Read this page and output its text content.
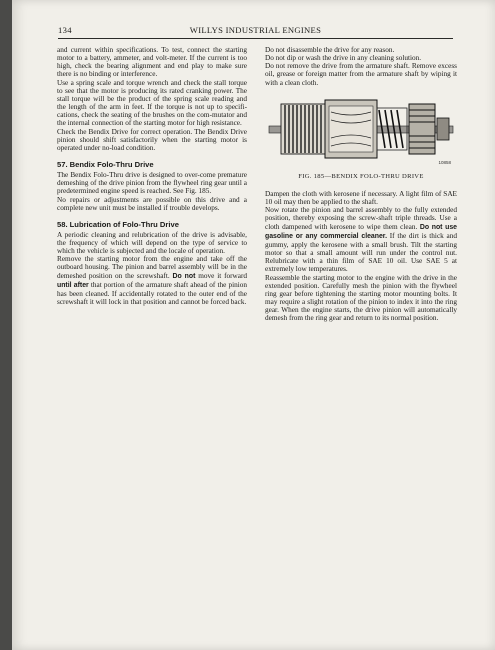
134	WILLYS INDUSTRIAL ENGINES

and current within specifications. To test, connect the starting motor to a battery, ammeter, and volt-meter. If the current is too high, check the bearing alignment and end play to make sure there is no binding or interference.

Use a spring scale and torque wrench and check the stall torque to see that the motor is producing its rated cranking power. The stall torque will be the product of the spring scale reading and the length of the arm in feet. If the torque is not up to specifi-cations, check the seating of the brushes on the com-mutator and the internal connection of the starting motor for high resistance.

Check the Bendix Drive for correct operation. The Bendix Drive pinion should shift satisfactorily when the starting motor is operated under no-load condition.

57. Bendix Folo-Thru Drive

The Bendix Folo-Thru drive is designed to over-come premature demeshing of the drive pinion from the flywheel ring gear until a predetermined engine speed is reached. See Fig. 185.

No repairs or adjustments are possible on this drive and a complete new unit must be installed if trouble develops.

58. Lubrication of Folo-Thru Drive

A periodic cleaning and relubrication of the drive is advisable, the frequency of which will depend on the type of service to which the vehicle is subjected and the locale of operation.

Remove the starting motor from the engine and take off the outboard housing. The pinion and barrel assembly will be in the demeshed position on the screwshaft. Do not move it forward until after that portion of the armature shaft ahead of the pinion has been cleaned. If accidentally rotated to the outer end of the screwshaft it will lock in that position and cannot be forced back.

Do not disassemble the drive for any reason.

Do not dip or wash the drive in any cleaning solution.

Do not remove the drive from the armature shaft. Remove excess oil, grease or foreign matter from the armature shaft by wiping it with a clean cloth.

10858

FIG. 185—BENDIX FOLO-THRU DRIVE

Dampen the cloth with kerosene if necessary. A light film of SAE 10 oil may then be applied to the shaft.

Now rotate the pinion and barrel assembly to the fully extended position, thereby exposing the screw-shaft triple threads. Use a cloth dampened with kerosene to wipe them clean. Do not use gasoline or any commercial cleaner. If the dirt is thick and gummy, apply the kerosene with a small brush. Tilt the starting motor so that a small amount will run under the control nut. Relubricate with a thin film of SAE 10 oil. Use SAE 5 at extremely low temperatures.

Reassemble the starting motor to the engine with the drive in the extended position. Carefully mesh the pinion with the flywheel ring gear before tightening the starting motor mounting bolts. It may require a slight rotation of the pinion to index it into the ring gear. When the engine starts, the drive pinion will automatically demesh from the ring gear and return to its normal position.
